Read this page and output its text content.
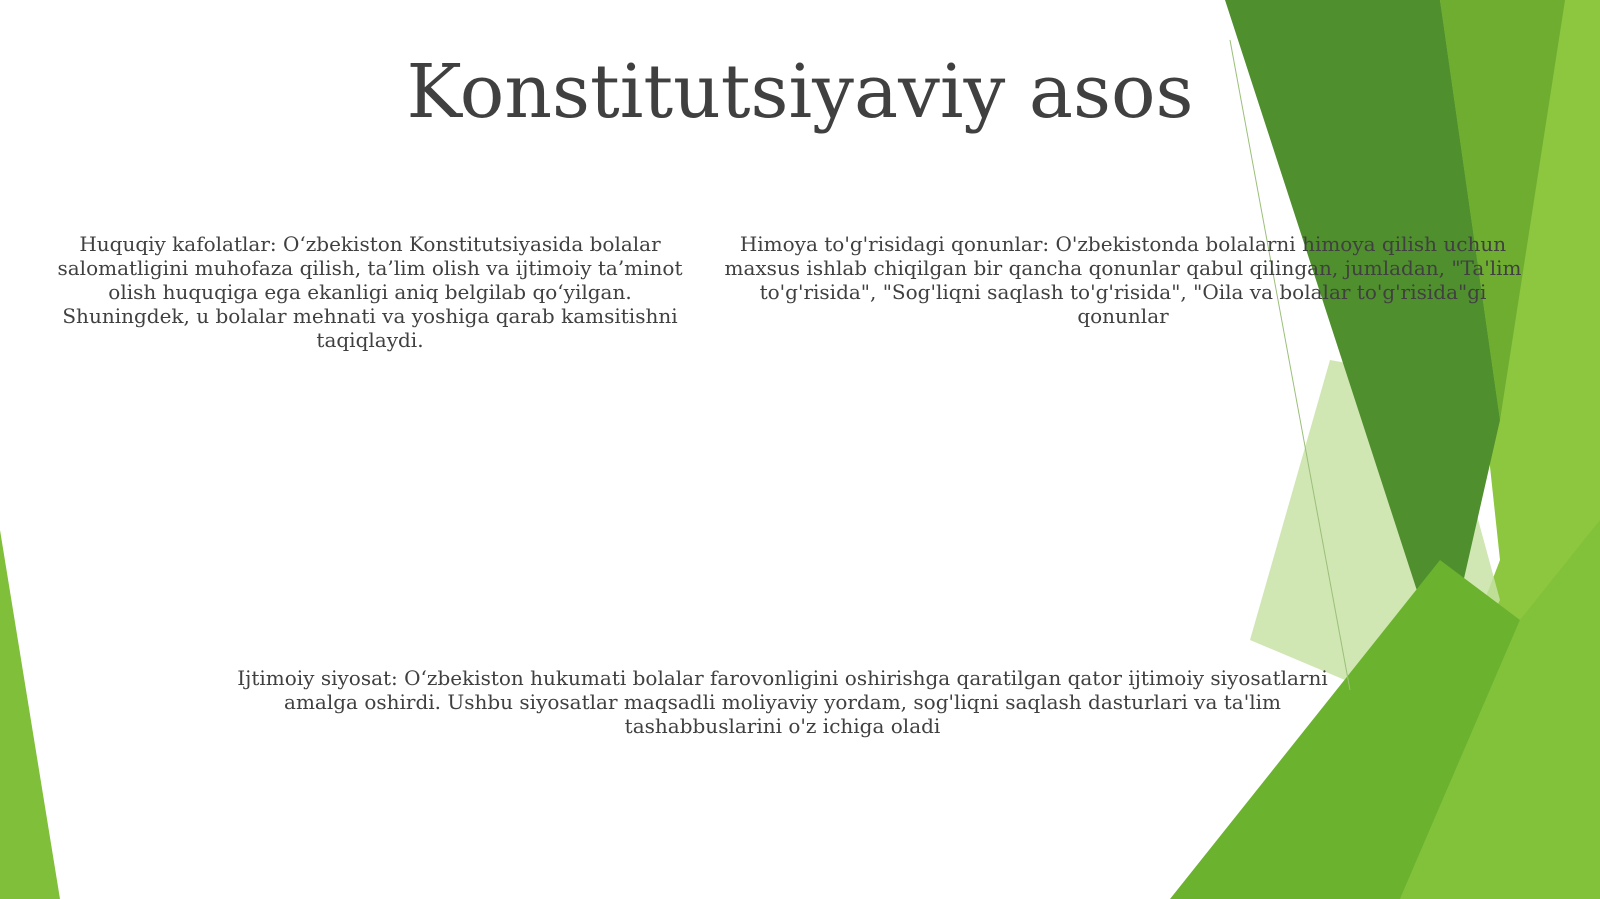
Konstitutsiyaviy asos
Huquqiy kafolatlar: O‘zbekiston Konstitutsiyasida bolalar salomatligini muhofaza qilish, ta’lim olish va ijtimoiy ta’minot olish huquqiga ega ekanligi aniq belgilab qo‘yilgan. Shuningdek, u bolalar mehnati va yoshiga qarab kamsitishni taqiqlaydi.
Himoya to'g'risidagi qonunlar: O'zbekistonda bolalarni himoya qilish uchun maxsus ishlab chiqilgan bir qancha qonunlar qabul qilingan, jumladan, "Ta'lim to'g'risida", "Sog'liqni saqlash to'g'risida", "Oila va bolalar to'g'risida"gi qonunlar
Ijtimoiy siyosat: O‘zbekiston hukumati bolalar farovonligini oshirishga qaratilgan qator ijtimoiy siyosatlarni amalga oshirdi. Ushbu siyosatlar maqsadli moliyaviy yordam, sog'liqni saqlash dasturlari va ta'lim tashabbuslarini o'z ichiga oladi
